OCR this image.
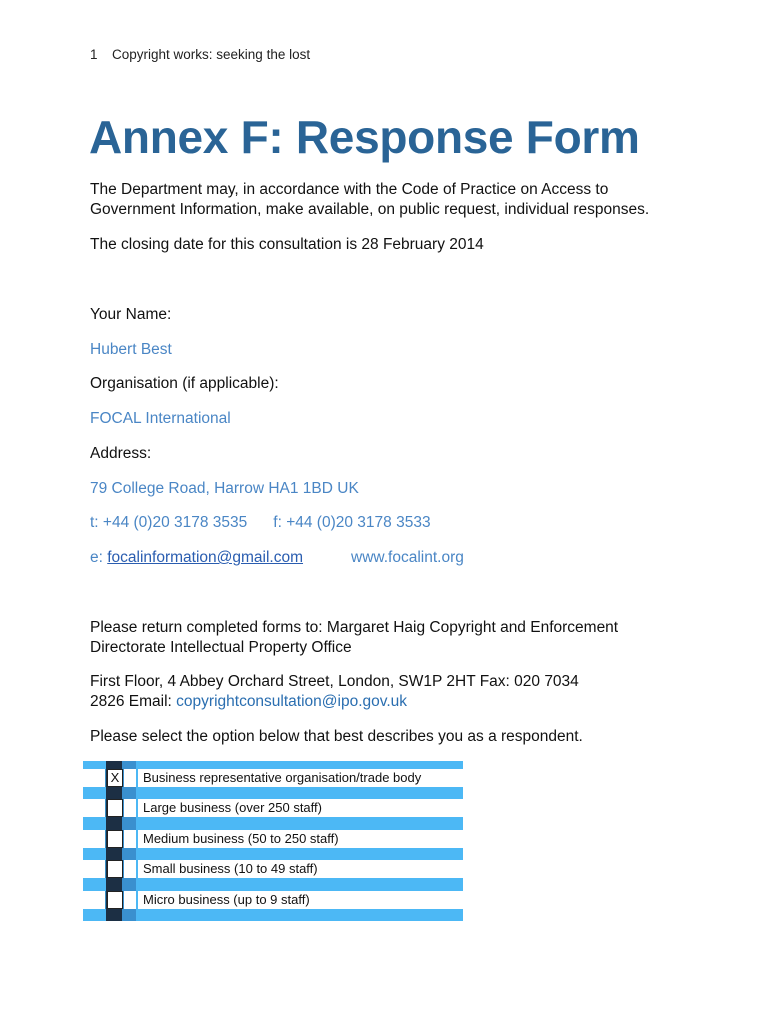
1 Copyright works: seeking the lost
Annex F: Response Form

The Department may, in accordance with the Code of Practice on Access to

Government Information, make available, on public request, individual responses.

The closing date for this consultation is 28 February 2014

Your Name:

Hubert Best

Organisation (if applicable):

FOCAL International

Address:

79 College Road, Harrow HA1 1BD UK

t: +44 (0)20 3178 3535 f: +44 (0)20 3178 3533

e: focalinformation@gmail.com	www.focalint.org

Please return completed forms to: Margaret Haig Copyright and Enforcement

Directorate Intellectual Property Office

First Floor, 4 Abbey Orchard Street, London, SW1P 2HT Fax: 020 7034

2826 Email: copyrightconsultation@ipo.gov.uk

Please select the option below that best describes you as a respondent.

X	Business representative organisation/trade body
Large business (over 250 staff)
Medium business (50 to 250 staff)
Small business (10 to 49 staff)
Micro business (up to 9 staff)
